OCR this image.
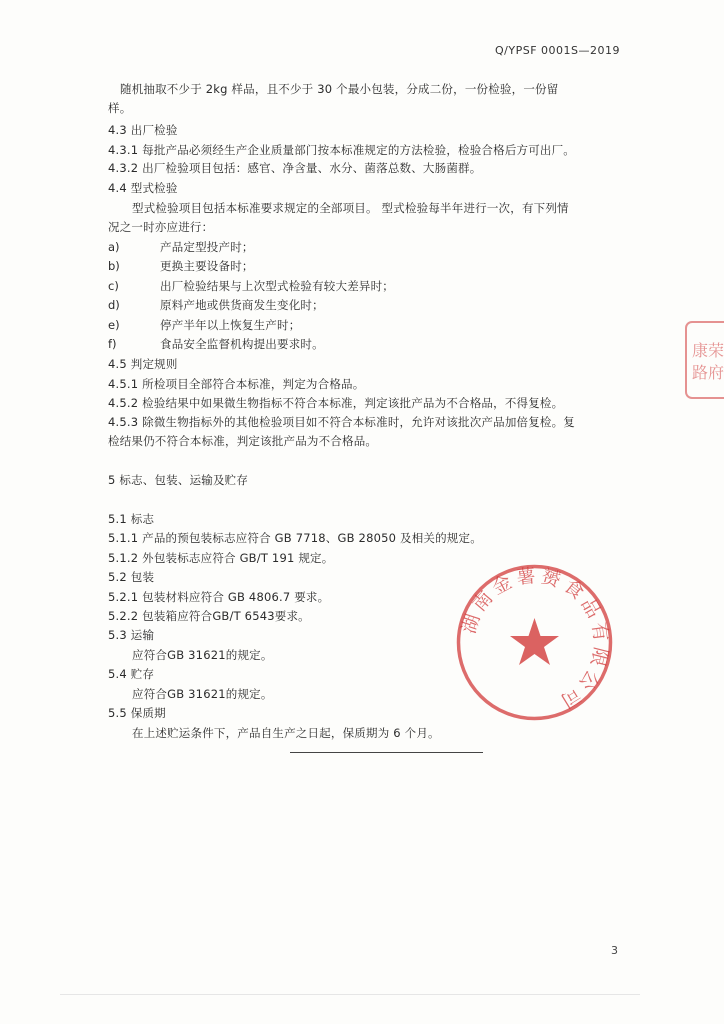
Q/YPSF 0001S—2019
随机抽取不少于 2kg 样品，且不少于 30 个最小包装，分成二份，一份检验，一份留
样。
4.3 出厂检验
4.3.1 每批产品必须经生产企业质量部门按本标准规定的方法检验，检验合格后方可出厂。
4.3.2 出厂检验项目包括：感官、净含量、水分、菌落总数、大肠菌群。
4.4 型式检验
型式检验项目包括本标准要求规定的全部项目。 型式检验每半年进行一次，有下列情
况之一时亦应进行：
a)	产品定型投产时；
b)	更换主要设备时；
c)	出厂检验结果与上次型式检验有较大差异时；
d)	原料产地或供货商发生变化时；
e)	停产半年以上恢复生产时；
f)	食品安全监督机构提出要求时。
4.5 判定规则
4.5.1 所检项目全部符合本标准，判定为合格品。
4.5.2 检验结果中如果微生物指标不符合本标准，判定该批产品为不合格品，不得复检。
4.5.3 除微生物指标外的其他检验项目如不符合本标准时，允许对该批次产品加倍复检。复
检结果仍不符合本标准，判定该批产品为不合格品。
5 标志、包装、运输及贮存
5.1 标志
5.1.1 产品的预包装标志应符合 GB 7718、GB 28050 及相关的规定。
5.1.2 外包装标志应符合 GB/T 191 规定。
5.2 包装
5.2.1 包装材料应符合 GB 4806.7 要求。
5.2.2 包装箱应符合GB/T 6543要求。
5.3 运输
应符合GB 31621的规定。
5.4 贮存
应符合GB 31621的规定。
5.5 保质期
在上述贮运条件下，产品自生产之日起，保质期为 6 个月。
湖南金薯赟食品有限公司
康荣路府
3
